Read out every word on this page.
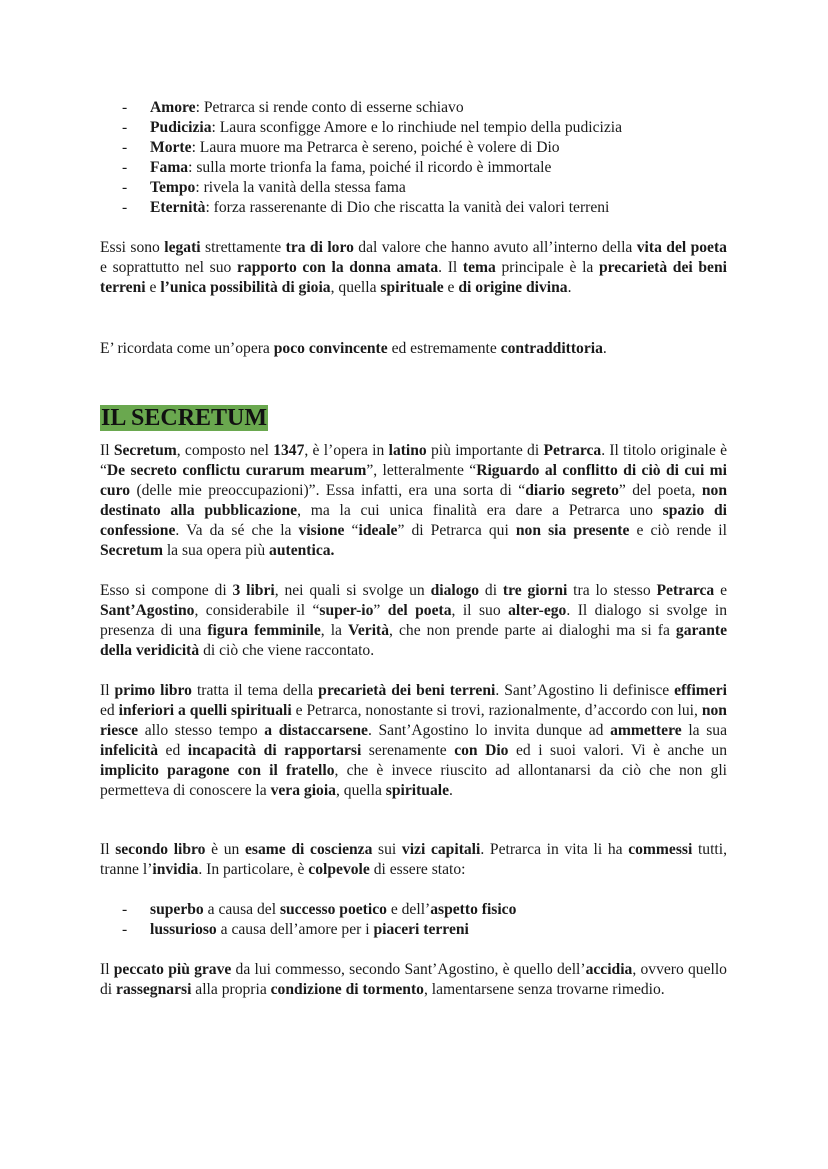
- Amore: Petrarca si rende conto di esserne schiavo
- Pudicizia: Laura sconfigge Amore e lo rinchiude nel tempio della pudicizia
- Morte: Laura muore ma Petrarca è sereno, poiché è volere di Dio
- Fama: sulla morte trionfa la fama, poiché il ricordo è immortale
- Tempo: rivela la vanità della stessa fama
- Eternità: forza rasserenante di Dio che riscatta la vanità dei valori terreni

Essi sono legati strettamente tra di loro dal valore che hanno avuto all’interno della vita del poeta e soprattutto nel suo rapporto con la donna amata. Il tema principale è la precarietà dei beni terreni e l’unica possibilità di gioia, quella spirituale e di origine divina.

E’ ricordata come un’opera poco convincente ed estremamente contraddittoria.

IL SECRETUM

Il Secretum, composto nel 1347, è l’opera in latino più importante di Petrarca. Il titolo originale è “De secreto conflictu curarum mearum”, letteralmente “Riguardo al conflitto di ciò di cui mi curo (delle mie preoccupazioni)”. Essa infatti, era una sorta di “diario segreto” del poeta, non destinato alla pubblicazione, ma la cui unica finalità era dare a Petrarca uno spazio di confessione. Va da sé che la visione “ideale” di Petrarca qui non sia presente e ciò rende il Secretum la sua opera più autentica.

Esso si compone di 3 libri, nei quali si svolge un dialogo di tre giorni tra lo stesso Petrarca e Sant’Agostino, considerabile il “super-io” del poeta, il suo alter-ego. Il dialogo si svolge in presenza di una figura femminile, la Verità, che non prende parte ai dialoghi ma si fa garante della veridicità di ciò che viene raccontato.

Il primo libro tratta il tema della precarietà dei beni terreni. Sant’Agostino li definisce effimeri ed inferiori a quelli spirituali e Petrarca, nonostante si trovi, razionalmente, d’accordo con lui, non riesce allo stesso tempo a distaccarsene. Sant’Agostino lo invita dunque ad ammettere la sua infelicità ed incapacità di rapportarsi serenamente con Dio ed i suoi valori. Vi è anche un implicito paragone con il fratello, che è invece riuscito ad allontanarsi da ciò che non gli permetteva di conoscere la vera gioia, quella spirituale.

Il secondo libro è un esame di coscienza sui vizi capitali. Petrarca in vita li ha commessi tutti, tranne l’invidia. In particolare, è colpevole di essere stato:

- superbo a causa del successo poetico e dell’aspetto fisico
- lussurioso a causa dell’amore per i piaceri terreni

Il peccato più grave da lui commesso, secondo Sant’Agostino, è quello dell’accidia, ovvero quello di rassegnarsi alla propria condizione di tormento, lamentarsene senza trovarne rimedio.
